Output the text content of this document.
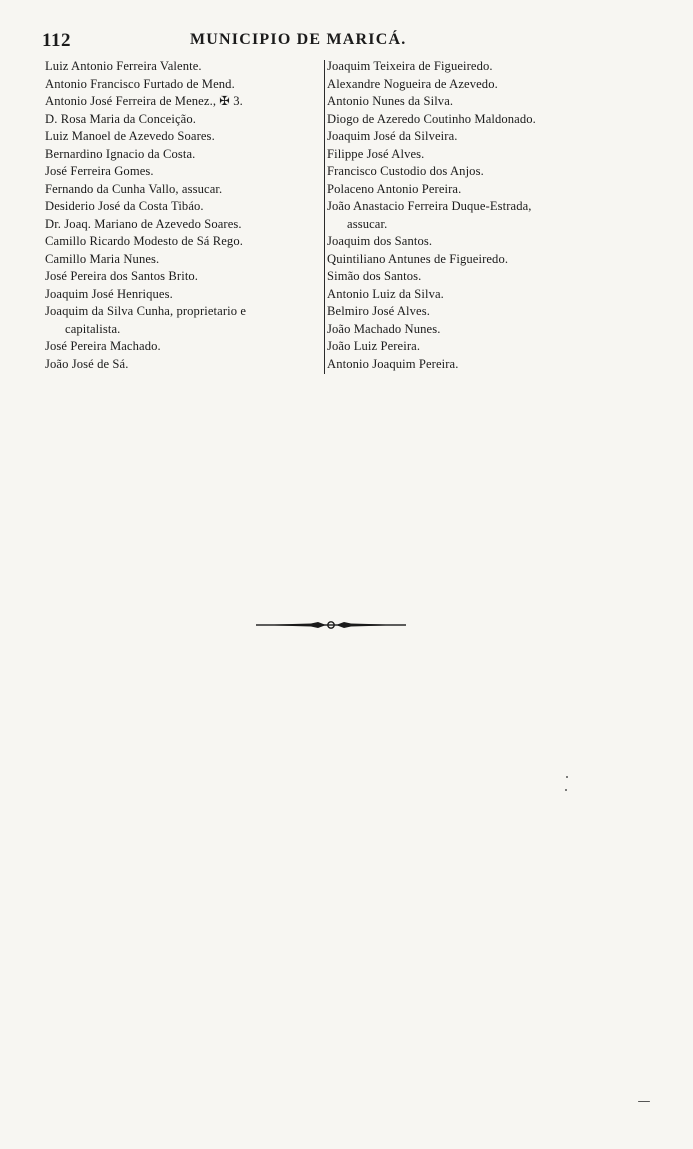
112	MUNICIPIO DE MARICÁ.
Luiz Antonio Ferreira Valente.
Antonio Francisco Furtado de Mend.
Antonio José Ferreira de Menez., ✠ 3.
D. Rosa Maria da Conceição.
Luiz Manoel de Azevedo Soares.
Bernardino Ignacio da Costa.
José Ferreira Gomes.
Fernando da Cunha Vallo, assucar.
Desiderio José da Costa Tibáo.
Dr. Joaq. Mariano de Azevedo Soares.
Camillo Ricardo Modesto de Sá Rego.
Camillo Maria Nunes.
José Pereira dos Santos Brito.
Joaquim José Henriques.
Joaquim da Silva Cunha, proprietario e
capitalista.
José Pereira Machado.
João José de Sá.
Joaquim Teixeira de Figueiredo.
Alexandre Nogueira de Azevedo.
Antonio Nunes da Silva.
Diogo de Azeredo Coutinho Maldonado.
Joaquim José da Silveira.
Filippe José Alves.
Francisco Custodio dos Anjos.
Polaceno Antonio Pereira.
João Anastacio Ferreira Duque-Estrada,
assucar.
Joaquim dos Santos.
Quintiliano Antunes de Figueiredo.
Simão dos Santos.
Antonio Luiz da Silva.
Belmiro José Alves.
João Machado Nunes.
João Luiz Pereira.
Antonio Joaquim Pereira.
